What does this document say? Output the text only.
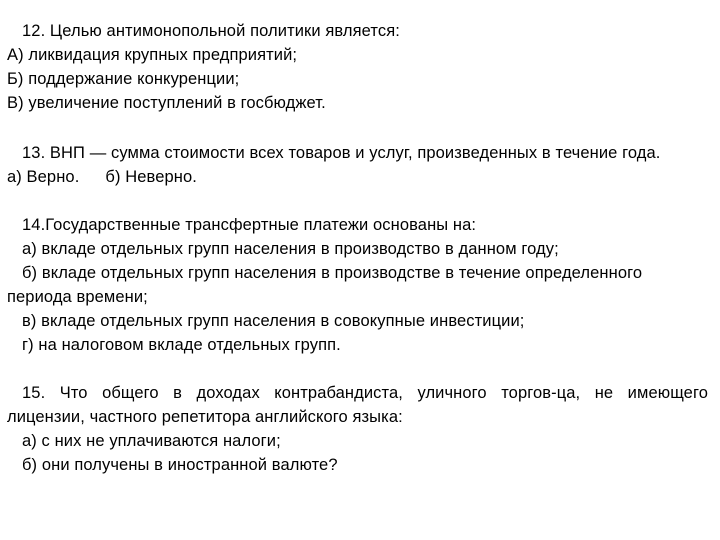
12. Целью антимонопольной политики является:
А) ликвидация крупных предприятий;
Б) поддержание конкуренции;
В) увеличение поступлений в госбюджет.
13. ВНП — сумма стоимости всех товаров и услуг, произведенных в течение года.
а) Верно. б) Неверно.
14.Государственные трансфертные платежи основаны на:
а) вкладе отдельных групп населения в производство в данном году;
б) вкладе отдельных групп населения в производстве в течение определенного
периода времени;
в) вкладе отдельных групп населения в совокупные инвестиции;
г) на налоговом вкладе отдельных групп.
15. Что общего в доходах контрабандиста, уличного торгов-ца, не имеющего
лицензии, частного репетитора английского языка:
а) с них не уплачиваются налоги;
б) они получены в иностранной валюте?
